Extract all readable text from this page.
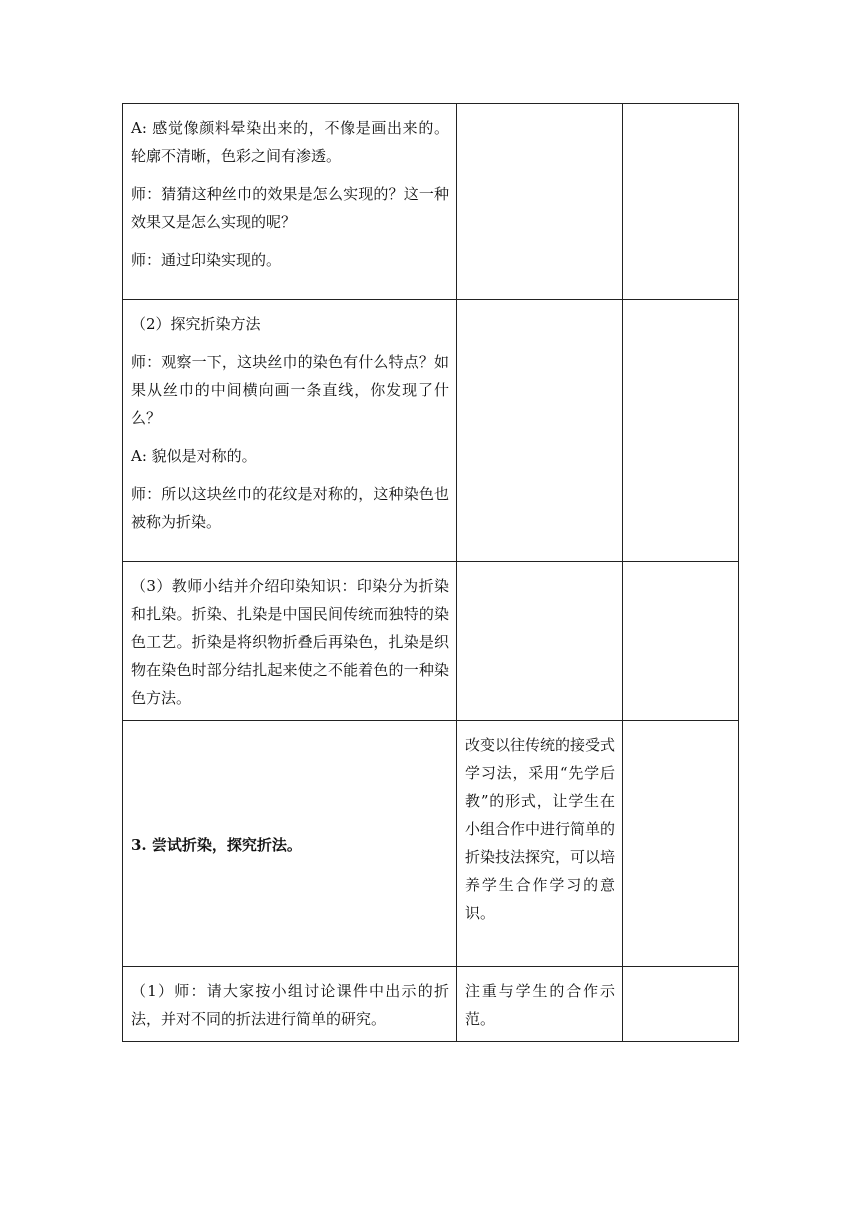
A: 感觉像颜料晕染出来的，不像是画出来的。轮廓不清晰，色彩之间有渗透。

师：猜猜这种丝巾的效果是怎么实现的？这一种效果又是怎么实现的呢？

师：通过印染实现的。		

（2）探究折染方法

师：观察一下，这块丝巾的染色有什么特点？如果从丝巾的中间横向画一条直线，你发现了什么？

A: 貌似是对称的。

师：所以这块丝巾的花纹是对称的，这种染色也被称为折染。		

（3）教师小结并介绍印染知识：印染分为折染和扎染。折染、扎染是中国民间传统而独特的染色工艺。折染是将织物折叠后再染色，扎染是织物在染色时部分结扎起来使之不能着色的一种染色方法。		

3. 尝试折染，探究折法。	改变以往传统的接受式学习法，采用“先学后教”的形式，让学生在小组合作中进行简单的折染技法探究，可以培养学生合作学习的意识。	

（1）师：请大家按小组讨论课件中出示的折法，并对不同的折法进行简单的研究。	注重与学生的合作示范。	
